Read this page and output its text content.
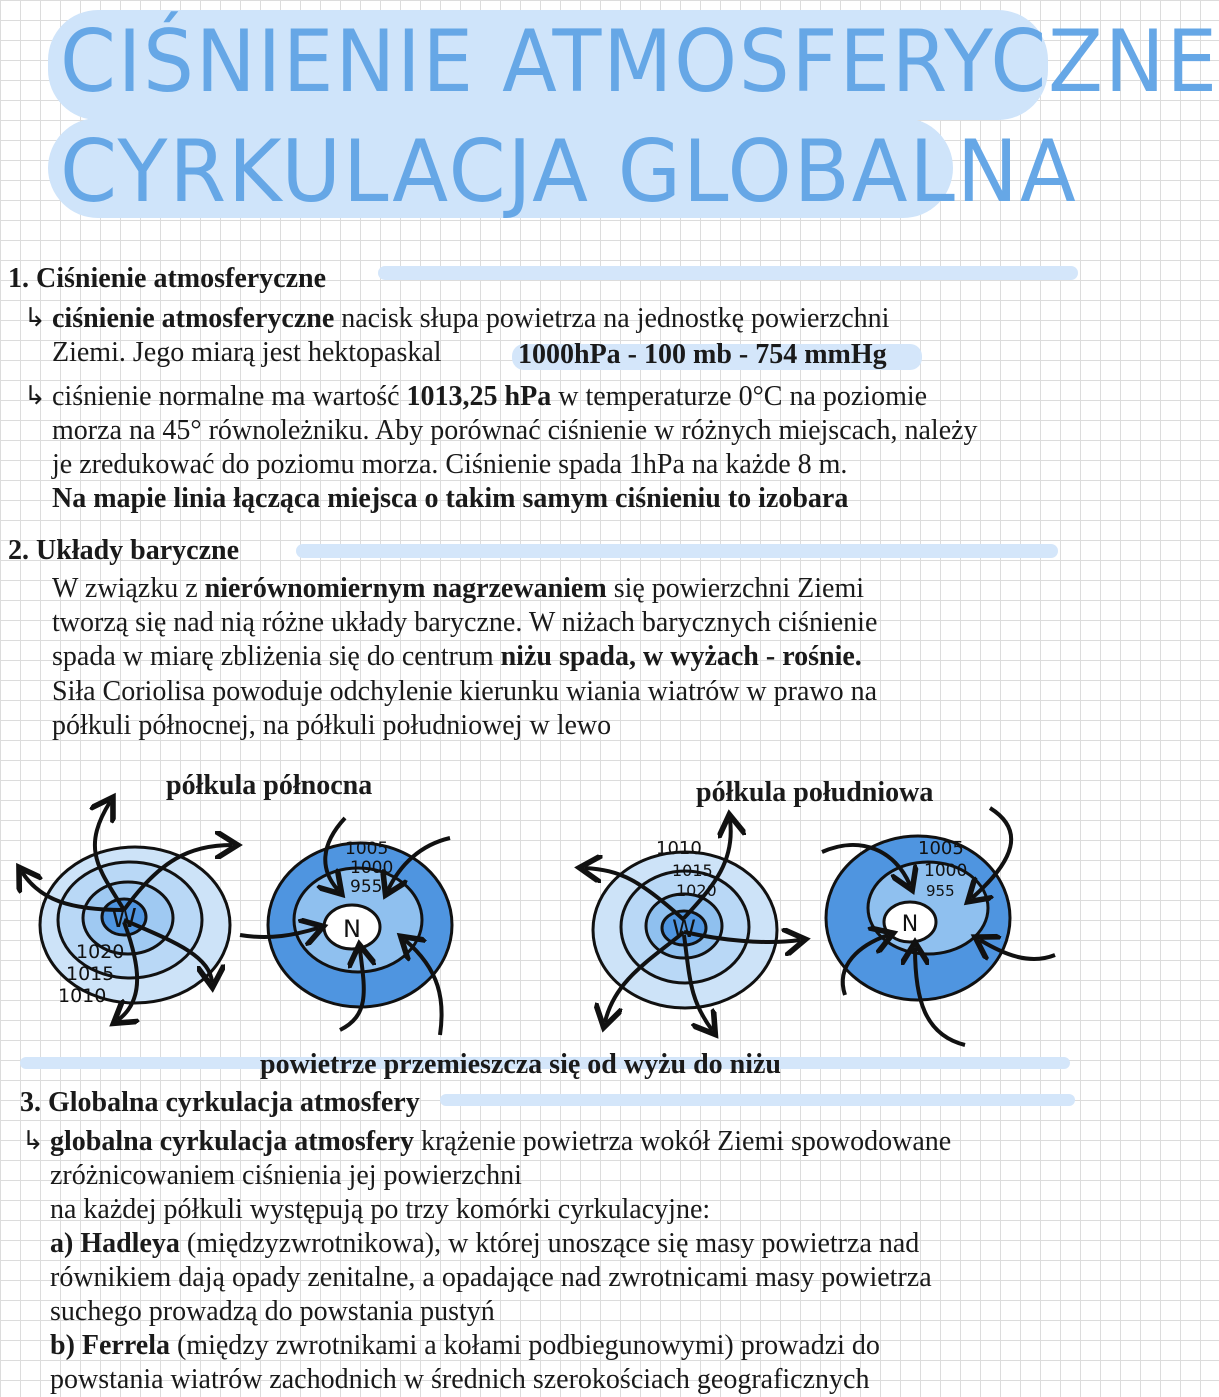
CIŚNIENIE ATMOSFERYCZNE
CYRKULACJA GLOBALNA
1. Ciśnienie atmosferyczne
↳ ciśnienie atmosferyczne nacisk słupa powietrza na jednostkę powierzchni
Ziemi. Jego miarą jest hektopaskal	1000hPa - 100 mb - 754 mmHg
↳ ciśnienie normalne ma wartość 1013,25 hPa w temperaturze 0°C na poziomie
morza na 45° równoleżniku. Aby porównać ciśnienie w różnych miejscach, należy
je zredukować do poziomu morza. Ciśnienie spada 1hPa na każde 8 m.
Na mapie linia łącząca miejsca o takim samym ciśnieniu to izobara
2. Układy baryczne
W związku z nierównomiernym nagrzewaniem się powierzchni Ziemi
tworzą się nad nią różne układy baryczne. W niżach barycznych ciśnienie
spada w miarę zbliżenia się do centrum niżu spada, w wyżach - rośnie.
Siła Coriolisa powoduje odchylenie kierunku wiania wiatrów w prawo na
półkuli północnej, na półkuli południowej w lewo
półkula północna	półkula południowa
W
1020
1015
1010
N
1005
1000
955
W
1010
1015
1020
N
1005
1000
955
powietrze przemieszcza się od wyżu do niżu
3. Globalna cyrkulacja atmosfery
↳ globalna cyrkulacja atmosfery krążenie powietrza wokół Ziemi spowodowane
zróżnicowaniem ciśnienia jej powierzchni
na każdej półkuli występują po trzy komórki cyrkulacyjne:
a) Hadleya (międzyzwrotnikowa), w której unoszące się masy powietrza nad
równikiem dają opady zenitalne, a opadające nad zwrotnicami masy powietrza
suchego prowadzą do powstania pustyń
b) Ferrela (między zwrotnikami a kołami podbiegunowymi) prowadzi do
powstania wiatrów zachodnich w średnich szerokościach geograficznych
